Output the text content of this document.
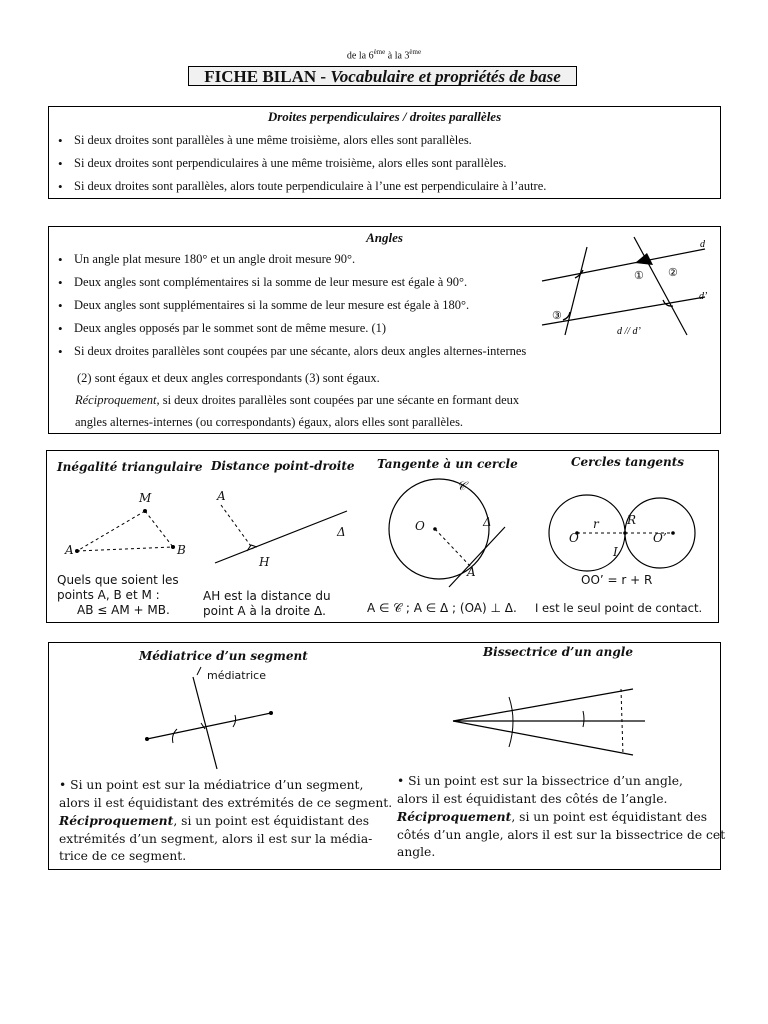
de la 6ème à la 3ème
FICHE BILAN - Vocabulaire et propriétés de base
Droites perpendiculaires / droites parallèles
• Si deux droites sont parallèles à une même troisième, alors elles sont parallèles.
• Si deux droites sont perpendiculaires à une même troisième, alors elles sont parallèles.
• Si deux droites sont parallèles, alors toute perpendiculaire à l’une est perpendiculaire à l’autre.
Angles
• Un angle plat mesure 180° et un angle droit mesure 90°.
• Deux angles sont complémentaires si la somme de leur mesure est égale à 90°.
• Deux angles sont supplémentaires si la somme de leur mesure est égale à 180°.
• Deux angles opposés par le sommet sont de même mesure. (1)
• Si deux droites parallèles sont coupées par une sécante, alors deux angles alternes-internes
(2) sont égaux et deux angles correspondants (3) sont égaux.
Réciproquement, si deux droites parallèles sont coupées par une sécante en formant deux
angles alternes-internes (ou correspondants) égaux, alors elles sont parallèles.
① ②
③
d
d’
d // d’
Inégalité triangulaire
M
A	B
Quels que soient les
points A, B et M :
AB ≤ AM + MB.
Distance point-droite
A
H
Δ
AH est la distance du
point A à la droite Δ.
Tangente à un cercle
𝒞
O	Δ
A
A ∈ 𝒞 ; A ∈ Δ ; (OA) ⊥ Δ.
Cercles tangents
O	O’
r R
I
OO’ = r + R
I est le seul point de contact.
Médiatrice d’un segment	Bissectrice d’un angle
médiatrice
• Si un point est sur la médiatrice d’un segment,
alors il est équidistant des extrémités de ce segment.
Réciproquement, si un point est équidistant des
extrémités d’un segment, alors il est sur la média-
trice de ce segment.
• Si un point est sur la bissectrice d’un angle,
alors il est équidistant des côtés de l’angle.
Réciproquement, si un point est équidistant des
côtés d’un angle, alors il est sur la bissectrice de cet
angle.
